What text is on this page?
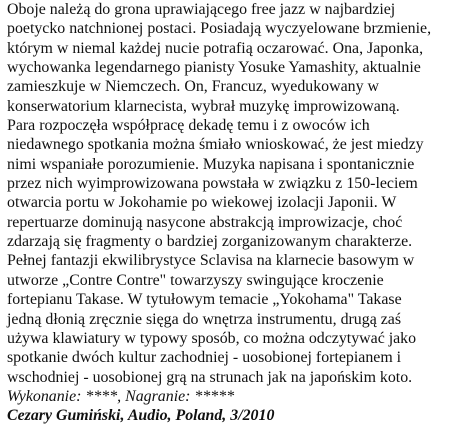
Oboje należą do grona uprawiającego free jazz w najbardziej
poetycko natchnionej postaci. Posiadają wyczyelowane brzmienie,
którym w niemal każdej nucie potrafią oczarować. Ona, Japonka,
wychowanka legendarnego pianisty Yosuke Yamashity, aktualnie
zamieszkuje w Niemczech. On, Francuz, wyedukowany w
konserwatorium klarnecista, wybrał muzykę improwizowaną.
Para rozpoczęła współpracę dekadę temu i z owoców ich
niedawnego spotkania można śmiało wnioskować, że jest miedzy
nimi wspaniałe porozumienie. Muzyka napisana i spontanicznie
przez nich wyimprowizowana powstała w związku z 150-leciem
otwarcia portu w Jokohamie po wiekowej izolacji Japonii. W
repertuarze dominują nasycone abstrakcją improwizacje, choć
zdarzają się fragmenty o bardziej zorganizowanym charakterze.
Pełnej fantazji ekwilibrystyce Sclavisa na klarnecie basowym w
utworze „Contre Contre" towarzyszy swingujące kroczenie
fortepianu Takase. W tytułowym temacie „Yokohama" Takase
jedną dłonią zręcznie sięga do wnętrza instrumentu, drugą zaś
używa klawiatury w typowy sposób, co można odczytywać jako
spotkanie dwóch kultur zachodniej - uosobionej fortepianem i
wschodniej - uosobionej grą na strunach jak na japońskim koto.
Wykonanie: ****, Nagranie: *****
Cezary Gumiński, Audio, Poland, 3/2010
